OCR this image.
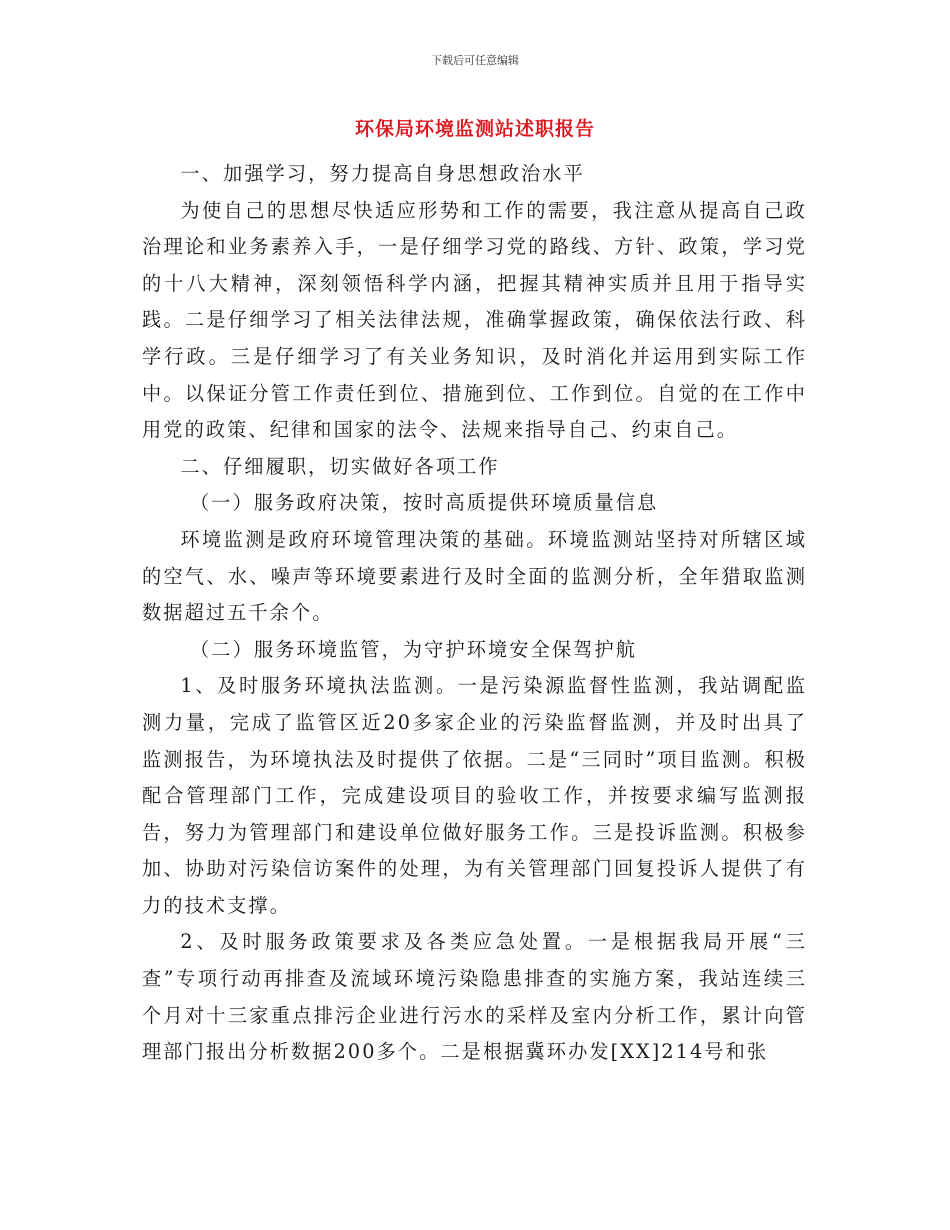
下载后可任意编辑
环保局环境监测站述职报告

一、加强学习，努力提高自身思想政治水平

为使自己的思想尽快适应形势和工作的需要，我注意从提高自己政治理论和业务素养入手，一是仔细学习党的路线、方针、政策，学习党的十八大精神，深刻领悟科学内涵，把握其精神实质并且用于指导实践。二是仔细学习了相关法律法规，准确掌握政策，确保依法行政、科学行政。三是仔细学习了有关业务知识，及时消化并运用到实际工作中。以保证分管工作责任到位、措施到位、工作到位。自觉的在工作中用党的政策、纪律和国家的法令、法规来指导自己、约束自己。

二、仔细履职，切实做好各项工作

（一）服务政府决策，按时高质提供环境质量信息

环境监测是政府环境管理决策的基础。环境监测站坚持对所辖区域的空气、水、噪声等环境要素进行及时全面的监测分析，全年猎取监测数据超过五千余个。

（二）服务环境监管，为守护环境安全保驾护航

1、及时服务环境执法监测。一是污染源监督性监测，我站调配监测力量，完成了监管区近20多家企业的污染监督监测，并及时出具了监测报告，为环境执法及时提供了依据。二是“三同时”项目监测。积极配合管理部门工作，完成建设项目的验收工作，并按要求编写监测报告，努力为管理部门和建设单位做好服务工作。三是投诉监测。积极参加、协助对污染信访案件的处理，为有关管理部门回复投诉人提供了有力的技术支撑。

2、及时服务政策要求及各类应急处置。一是根据我局开展“三查”专项行动再排查及流域环境污染隐患排查的实施方案，我站连续三个月对十三家重点排污企业进行污水的采样及室内分析工作，累计向管理部门报出分析数据200多个。二是根据冀环办发[XX]214号和张
